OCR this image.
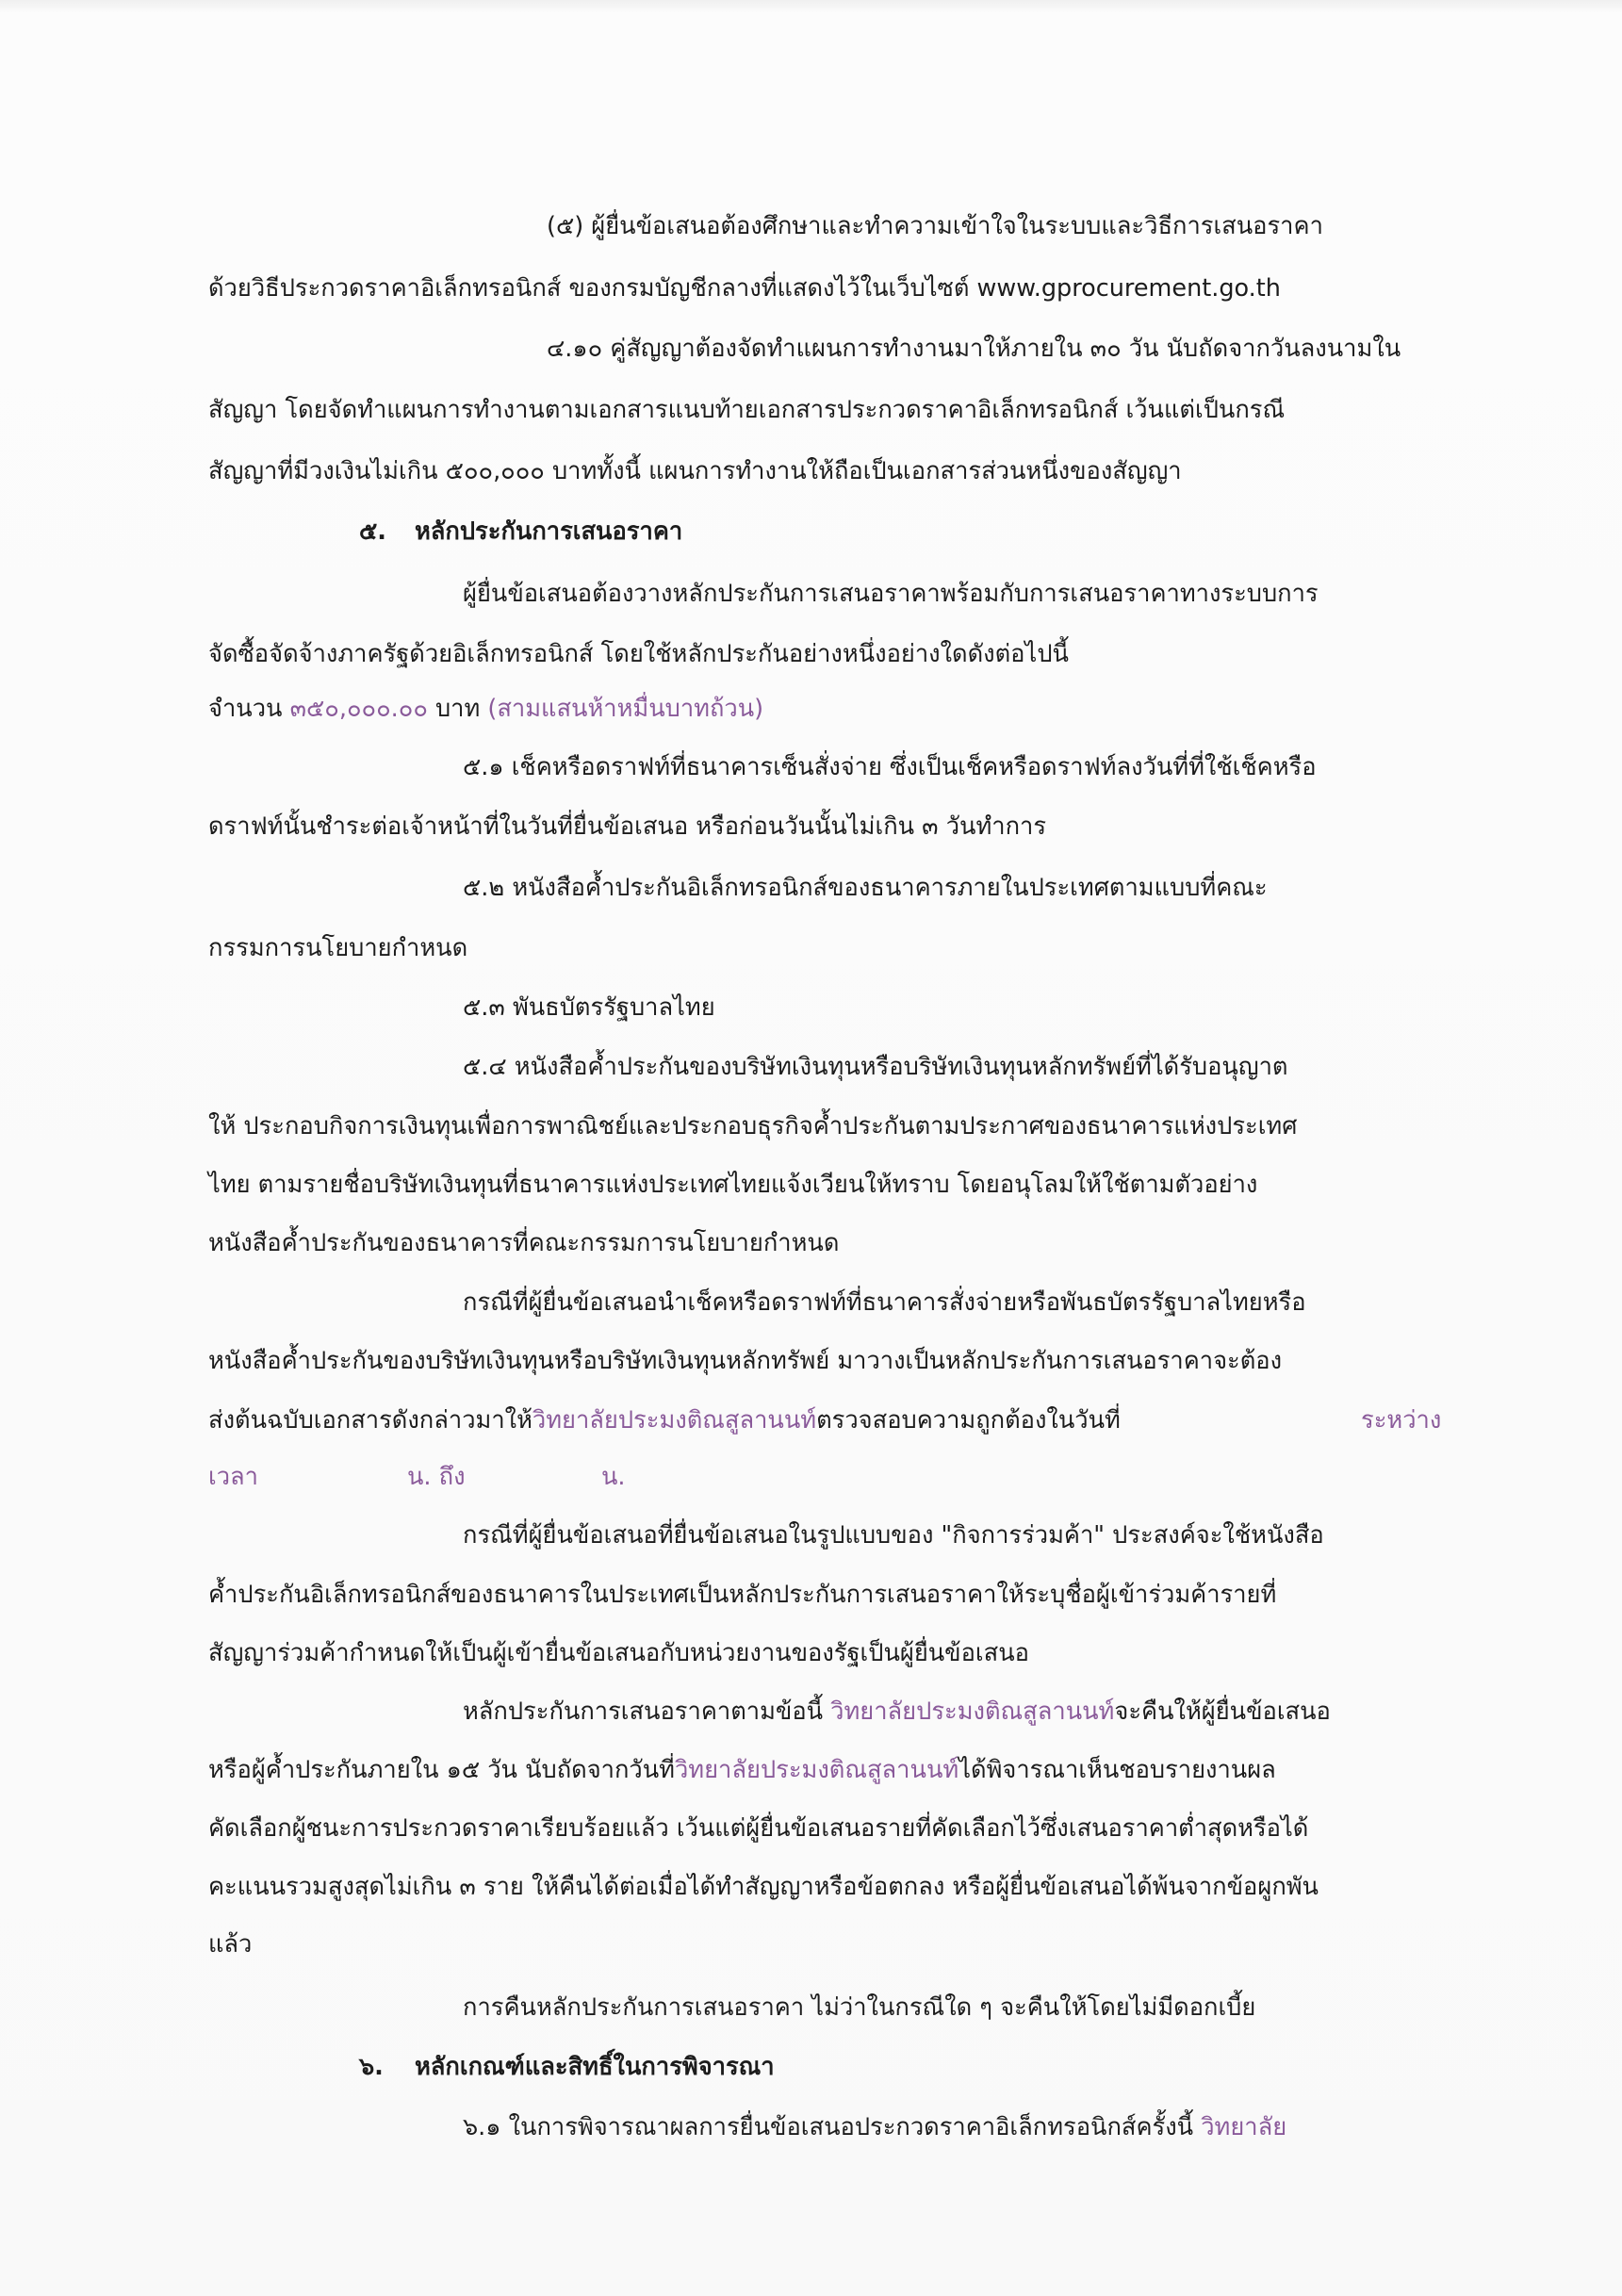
(๕) ผู้ยื่นข้อเสนอต้องศึกษาและทำความเข้าใจในระบบและวิธีการเสนอราคา
ด้วยวิธีประกวดราคาอิเล็กทรอนิกส์ ของกรมบัญชีกลางที่แสดงไว้ในเว็บไซต์ www.gprocurement.go.th
๔.๑๐ คู่สัญญาต้องจัดทำแผนการทำงานมาให้ภายใน ๓๐ วัน นับถัดจากวันลงนามใน
สัญญา โดยจัดทำแผนการทำงานตามเอกสารแนบท้ายเอกสารประกวดราคาอิเล็กทรอนิกส์ เว้นแต่เป็นกรณี
สัญญาที่มีวงเงินไม่เกิน ๕๐๐,๐๐๐ บาททั้งนี้ แผนการทำงานให้ถือเป็นเอกสารส่วนหนึ่งของสัญญา
๕. หลักประกันการเสนอราคา
ผู้ยื่นข้อเสนอต้องวางหลักประกันการเสนอราคาพร้อมกับการเสนอราคาทางระบบการ
จัดซื้อจัดจ้างภาครัฐด้วยอิเล็กทรอนิกส์ โดยใช้หลักประกันอย่างหนึ่งอย่างใดดังต่อไปนี้
จำนวน ๓๕๐,๐๐๐.๐๐ บาท (สามแสนห้าหมื่นบาทถ้วน)
๕.๑ เช็คหรือดราฟท์ที่ธนาคารเซ็นสั่งจ่าย ซึ่งเป็นเช็คหรือดราฟท์ลงวันที่ที่ใช้เช็คหรือ
ดราฟท์นั้นชำระต่อเจ้าหน้าที่ในวันที่ยื่นข้อเสนอ หรือก่อนวันนั้นไม่เกิน ๓ วันทำการ
๕.๒ หนังสือค้ำประกันอิเล็กทรอนิกส์ของธนาคารภายในประเทศตามแบบที่คณะ
กรรมการนโยบายกำหนด
๕.๓ พันธบัตรรัฐบาลไทย
๕.๔ หนังสือค้ำประกันของบริษัทเงินทุนหรือบริษัทเงินทุนหลักทรัพย์ที่ได้รับอนุญาต
ให้ ประกอบกิจการเงินทุนเพื่อการพาณิชย์และประกอบธุรกิจค้ำประกันตามประกาศของธนาคารแห่งประเทศ
ไทย ตามรายชื่อบริษัทเงินทุนที่ธนาคารแห่งประเทศไทยแจ้งเวียนให้ทราบ โดยอนุโลมให้ใช้ตามตัวอย่าง
หนังสือค้ำประกันของธนาคารที่คณะกรรมการนโยบายกำหนด
กรณีที่ผู้ยื่นข้อเสนอนำเช็คหรือดราฟท์ที่ธนาคารสั่งจ่ายหรือพันธบัตรรัฐบาลไทยหรือ
หนังสือค้ำประกันของบริษัทเงินทุนหรือบริษัทเงินทุนหลักทรัพย์ มาวางเป็นหลักประกันการเสนอราคาจะต้อง
ส่งต้นฉบับเอกสารดังกล่าวมาให้วิทยาลัยประมงติณสูลานนท์ตรวจสอบความถูกต้องในวันที่	ระหว่าง
เวลา	น. ถึง	น.
กรณีที่ผู้ยื่นข้อเสนอที่ยื่นข้อเสนอในรูปแบบของ "กิจการร่วมค้า" ประสงค์จะใช้หนังสือ
ค้ำประกันอิเล็กทรอนิกส์ของธนาคารในประเทศเป็นหลักประกันการเสนอราคาให้ระบุชื่อผู้เข้าร่วมค้ารายที่
สัญญาร่วมค้ากำหนดให้เป็นผู้เข้ายื่นข้อเสนอกับหน่วยงานของรัฐเป็นผู้ยื่นข้อเสนอ
หลักประกันการเสนอราคาตามข้อนี้ วิทยาลัยประมงติณสูลานนท์จะคืนให้ผู้ยื่นข้อเสนอ
หรือผู้ค้ำประกันภายใน ๑๕ วัน นับถัดจากวันที่วิทยาลัยประมงติณสูลานนท์ได้พิจารณาเห็นชอบรายงานผล
คัดเลือกผู้ชนะการประกวดราคาเรียบร้อยแล้ว เว้นแต่ผู้ยื่นข้อเสนอรายที่คัดเลือกไว้ซึ่งเสนอราคาต่ำสุดหรือได้
คะแนนรวมสูงสุดไม่เกิน ๓ ราย ให้คืนได้ต่อเมื่อได้ทำสัญญาหรือข้อตกลง หรือผู้ยื่นข้อเสนอได้พ้นจากข้อผูกพัน
แล้ว
การคืนหลักประกันการเสนอราคา ไม่ว่าในกรณีใด ๆ จะคืนให้โดยไม่มีดอกเบี้ย
๖. หลักเกณฑ์และสิทธิ์ในการพิจารณา
๖.๑ ในการพิจารณาผลการยื่นข้อเสนอประกวดราคาอิเล็กทรอนิกส์ครั้งนี้ วิทยาลัย
